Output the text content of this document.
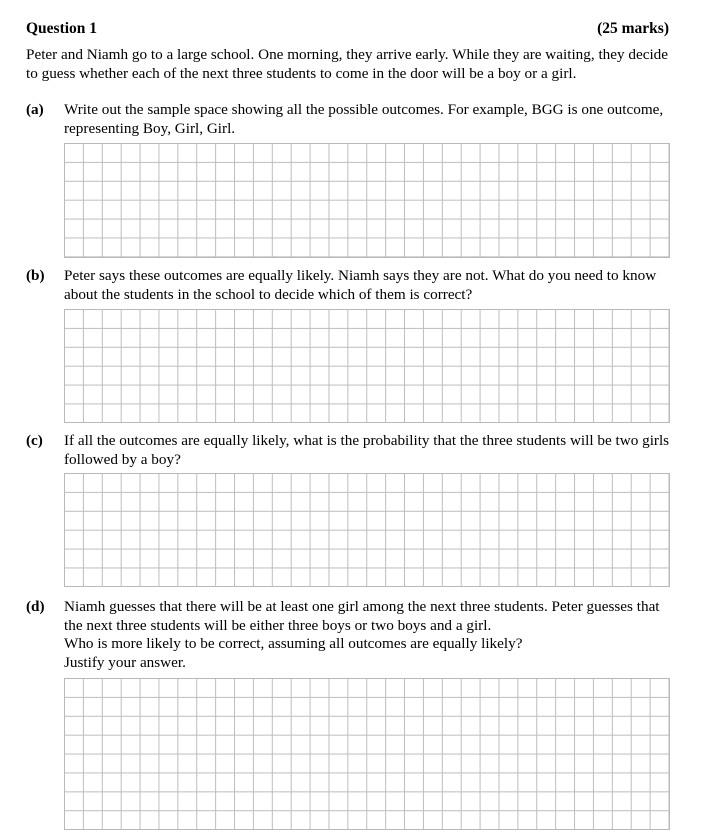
Question 1	(25 marks)
Peter and Niamh go to a large school. One morning, they arrive early. While they are waiting, they decide to guess whether each of the next three students to come in the door will be a boy or a girl.
(a) Write out the sample space showing all the possible outcomes. For example, BGG is one outcome, representing Boy, Girl, Girl.
(b) Peter says these outcomes are equally likely. Niamh says they are not. What do you need to know about the students in the school to decide which of them is correct?
(c) If all the outcomes are equally likely, what is the probability that the three students will be two girls followed by a boy?
(d) Niamh guesses that there will be at least one girl among the next three students. Peter guesses that the next three students will be either three boys or two boys and a girl.
Who is more likely to be correct, assuming all outcomes are equally likely?
Justify your answer.
